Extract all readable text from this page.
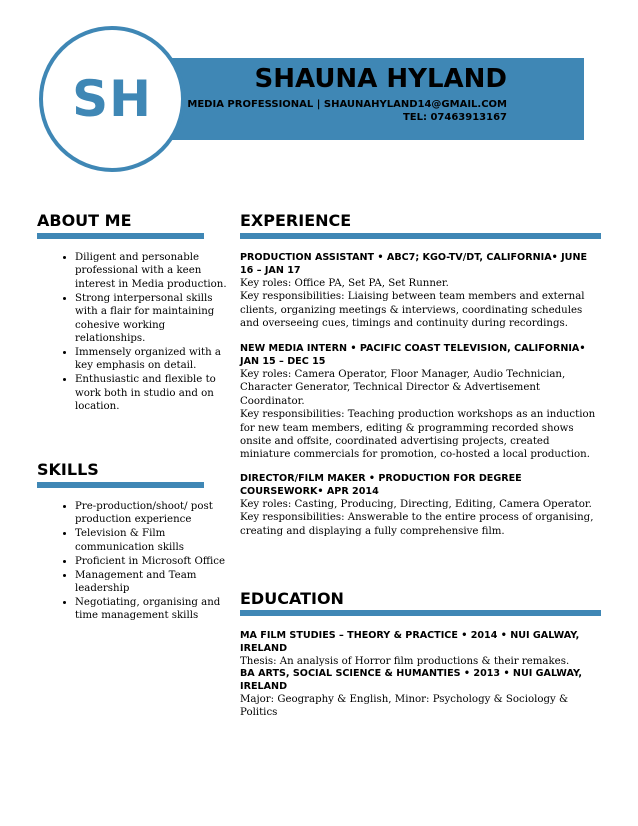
SH	SHAUNA HYLAND
MEDIA PROFESSIONAL | SHAUNAHYLAND14@GMAIL.COM
TEL: 07463913167
ABOUT ME
• Diligent and personable professional with a keen interest in Media production.
• Strong interpersonal skills with a flair for maintaining cohesive working relationships.
• Immensely organized with a key emphasis on detail.
• Enthusiastic and flexible to work both in studio and on location.
SKILLS
• Pre-production/shoot/ post production experience
• Television & Film communication skills
• Proficient in Microsoft Office
• Management and Team leadership
• Negotiating, organising and time management skills
EXPERIENCE
PRODUCTION ASSISTANT • ABC7; KGO-TV/DT, CALIFORNIA• JUNE 16 – JAN 17

Key roles: Office PA, Set PA, Set Runner.

Key responsibilities: Liaising between team members and external clients, organizing meetings & interviews, coordinating schedules and overseeing cues, timings and continuity during recordings.

NEW MEDIA INTERN • PACIFIC COAST TELEVISION, CALIFORNIA• JAN 15 – DEC 15

Key roles: Camera Operator, Floor Manager, Audio Technician, Character Generator, Technical Director & Advertisement Coordinator.

Key responsibilities: Teaching production workshops as an induction for new team members, editing & programming recorded shows onsite and offsite, coordinated advertising projects, created miniature commercials for promotion, co-hosted a local production.

DIRECTOR/FILM MAKER • PRODUCTION FOR DEGREE COURSEWORK• APR 2014

Key roles: Casting, Producing, Directing, Editing, Camera Operator.

Key responsibilities: Answerable to the entire process of organising, creating and displaying a fully comprehensive film.

EDUCATION
MA FILM STUDIES – THEORY & PRACTICE • 2014 • NUI GALWAY, IRELAND
Thesis: An analysis of Horror film productions & their remakes.
BA ARTS, SOCIAL SCIENCE & HUMANTIES • 2013 • NUI GALWAY, IRELAND
Major: Geography & English, Minor: Psychology & Sociology & Politics
